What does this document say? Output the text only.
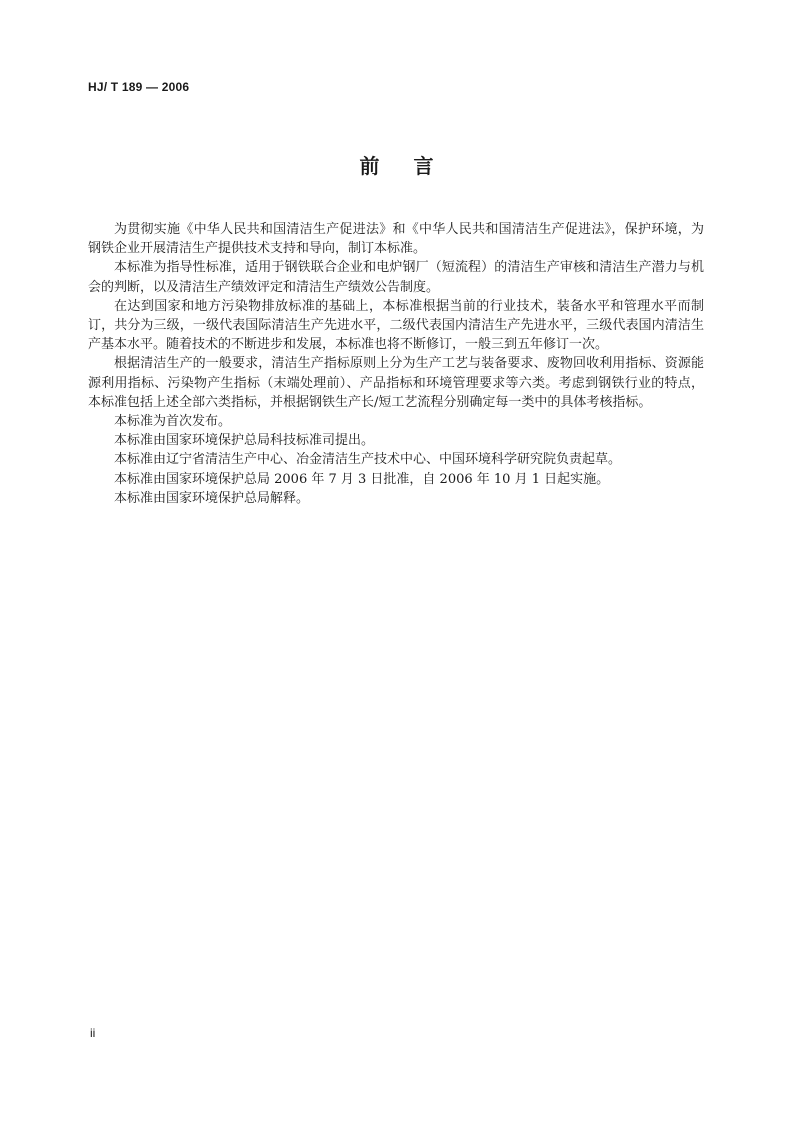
HJ/ T 189 — 2006
前言

为贯彻实施《中华人民共和国清洁生产促进法》和《中华人民共和国清洁生产促进法》，保护环境，为钢铁企业开展清洁生产提供技术支持和导向，制订本标准。

本标准为指导性标准，适用于钢铁联合企业和电炉钢厂（短流程）的清洁生产审核和清洁生产潜力与机会的判断，以及清洁生产绩效评定和清洁生产绩效公告制度。

在达到国家和地方污染物排放标准的基础上，本标准根据当前的行业技术，装备水平和管理水平而制订，共分为三级，一级代表国际清洁生产先进水平，二级代表国内清洁生产先进水平，三级代表国内清洁生产基本水平。随着技术的不断进步和发展，本标准也将不断修订，一般三到五年修订一次。

根据清洁生产的一般要求，清洁生产指标原则上分为生产工艺与装备要求、废物回收利用指标、资源能源利用指标、污染物产生指标（末端处理前）、产品指标和环境管理要求等六类。考虑到钢铁行业的特点，本标准包括上述全部六类指标，并根据钢铁生产长/短工艺流程分别确定每一类中的具体考核指标。

本标准为首次发布。

本标准由国家环境保护总局科技标准司提出。

本标准由辽宁省清洁生产中心、冶金清洁生产技术中心、中国环境科学研究院负责起草。

本标准由国家环境保护总局 2006 年 7 月 3 日批准，自 2006 年 10 月 1 日起实施。

本标准由国家环境保护总局解释。

ii
